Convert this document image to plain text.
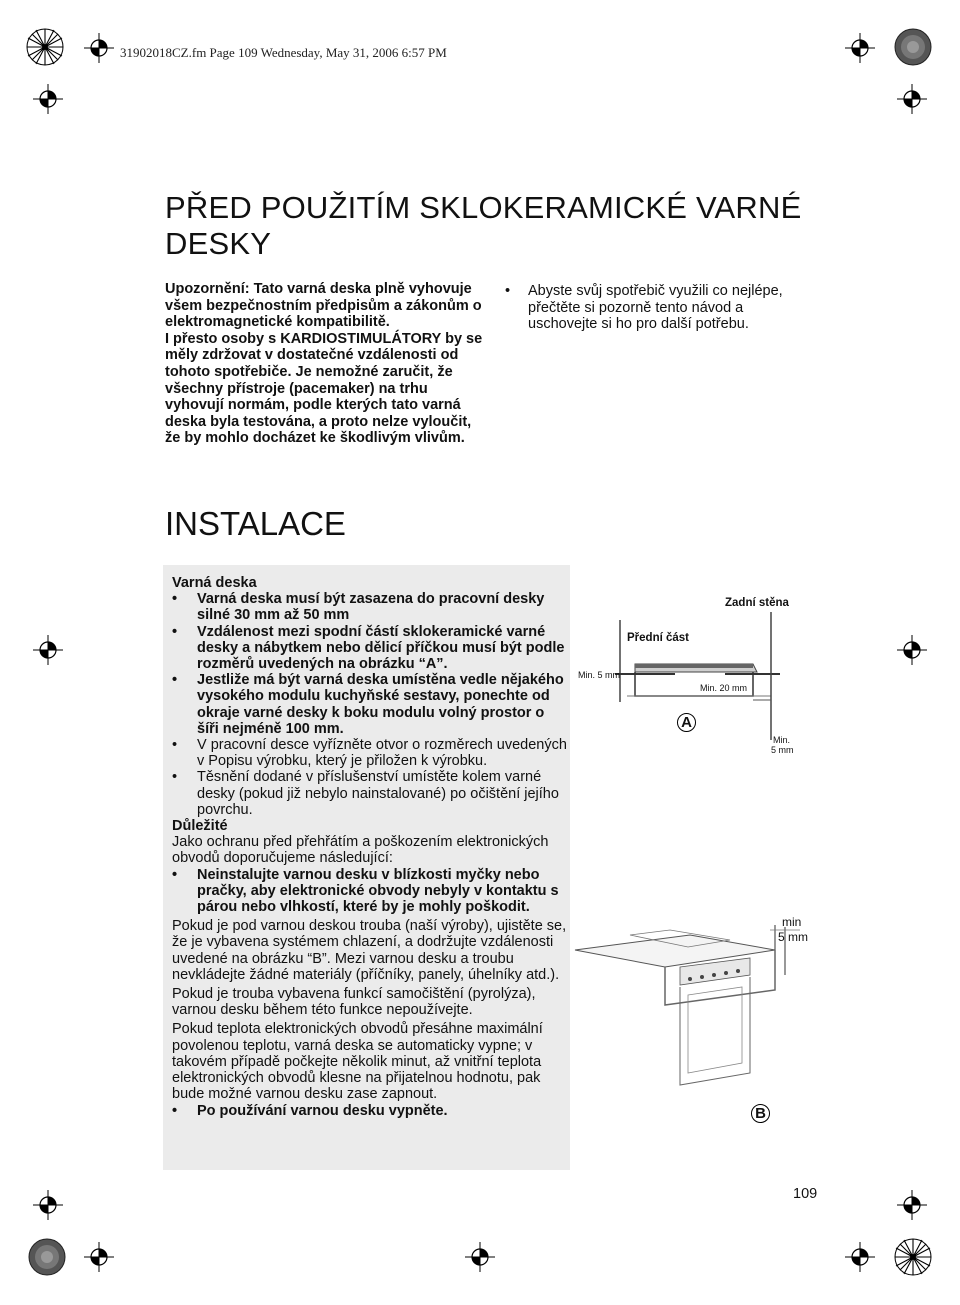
31902018CZ.fm Page 109 Wednesday, May 31, 2006 6:57 PM
PŘED POUŽITÍM SKLOKERAMICKÉ VARNÉ DESKY

Upozornění: Tato varná deska plně vyhovuje všem bezpečnostním předpisům a zákonům o elektromagnetické kompatibilitě.

I přesto osoby s KARDIOSTIMULÁTORY by se měly zdržovat v dostatečné vzdálenosti od tohoto spotřebiče. Je nemožné zaručit, že všechny přístroje (pacemaker) na trhu vyhovují normám, podle kterých tato varná deska byla testována, a proto nelze vyloučit, že by mohlo docházet ke škodlivým vlivům.

• Abyste svůj spotřebič využili co nejlépe, přečtěte si pozorně tento návod a uschovejte si ho pro další potřebu.
INSTALACE

Varná deska

• Varná deska musí být zasazena do pracovní desky silné 30 mm až 50 mm
• Vzdálenost mezi spodní částí sklokeramické varné desky a nábytkem nebo dělicí příčkou musí být podle rozměrů uvedených na obrázku “A”.
• Jestliže má být varná deska umístěna vedle nějakého vysokého modulu kuchyňské sestavy, ponechte od okraje varné desky k boku modulu volný prostor o šíři nejméně 100 mm.
• V pracovní desce vyřízněte otvor o rozměrech uvedených v Popisu výrobku, který je přiložen k výrobku.
• Těsnění dodané v příslušenství umístěte kolem varné desky (pokud již nebylo nainstalované) po očištění jejího povrchu.

Důležité

Jako ochranu před přehřátím a poškozením elektronických obvodů doporučujeme následující:

• Neinstalujte varnou desku v blízkosti myčky nebo pračky, aby elektronické obvody nebyly v kontaktu s párou nebo vlhkostí, které by je mohly poškodit.

Pokud je pod varnou deskou trouba (naší výroby), ujistěte se, že je vybavena systémem chlazení, a dodržujte vzdálenosti uvedené na obrázku “B”. Mezi varnou desku a troubu nevkládejte žádné materiály (příčníky, panely, úhelníky atd.).

Pokud je trouba vybavena funkcí samočištění (pyrolýza), varnou desku během této funkce nepoužívejte.

Pokud teplota elektronických obvodů přesáhne maximální povolenou teplotu, varná deska se automaticky vypne; v takovém případě počkejte několik minut, až vnitřní teplota elektronických obvodů klesne na přijatelnou hodnotu, pak bude možné varnou desku zase zapnout.

• Po používání varnou desku vypněte.
Přední část
Zadní stěna
Min. 5 mm
Min. 20 mm
Min.
5 mm
A
min
5 mm
B
109
